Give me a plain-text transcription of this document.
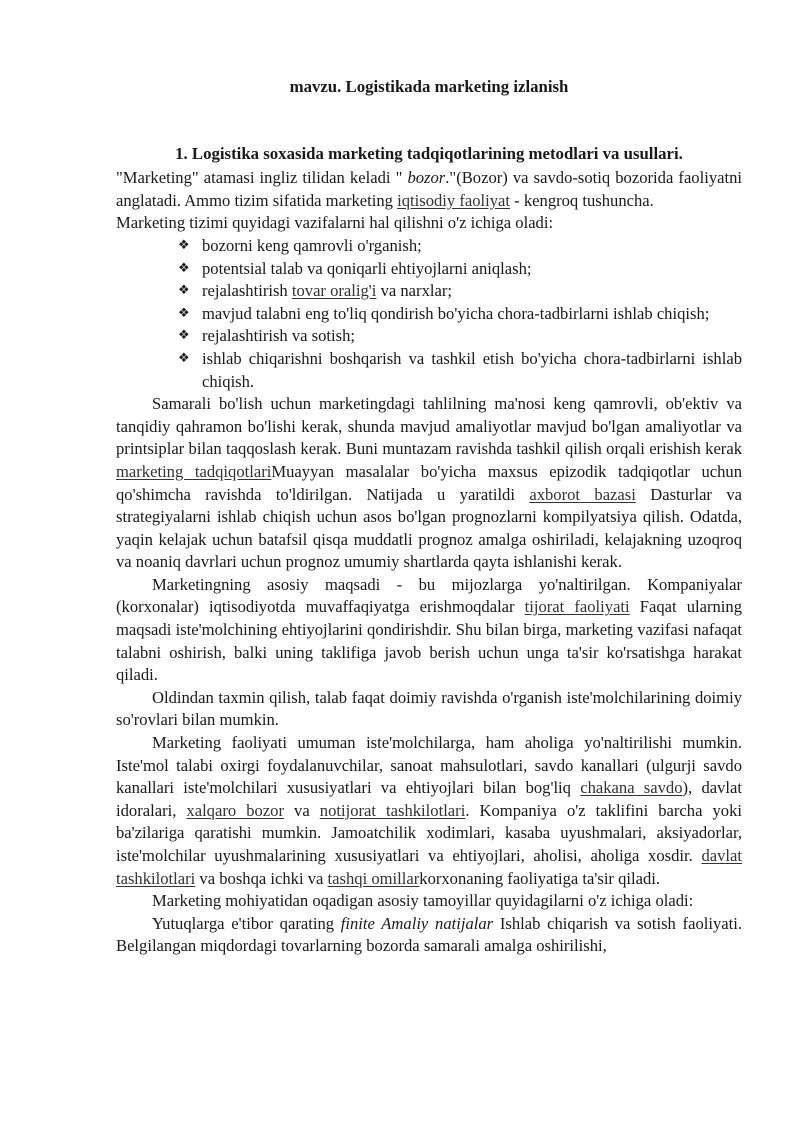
mavzu. Logistikada marketing izlanish
1. Logistika soxasida marketing tadqiqotlarining metodlari va usullari.

"Marketing" atamasi ingliz tilidan keladi " bozor."(Bozor) va savdo-sotiq bozorida faoliyatni anglatadi. Ammo tizim sifatida marketing iqtisodiy faoliyat - kengroq tushuncha.

Marketing tizimi quyidagi vazifalarni hal qilishni o'z ichiga oladi:

❖ bozorni keng qamrovli o'rganish;
❖ potentsial talab va qoniqarli ehtiyojlarni aniqlash;
❖ rejalashtirish tovar oralig'i va narxlar;
❖ mavjud talabni eng to'liq qondirish bo'yicha chora-tadbirlarni ishlab chiqish;
❖ rejalashtirish va sotish;
❖ ishlab chiqarishni boshqarish va tashkil etish bo'yicha chora-tadbirlarni ishlab chiqish.

Samarali bo'lish uchun marketingdagi tahlilning ma'nosi keng qamrovli, ob'ektiv va tanqidiy qahramon bo'lishi kerak, shunda mavjud amaliyotlar mavjud bo'lgan amaliyotlar va printsiplar bilan taqqoslash kerak. Buni muntazam ravishda tashkil qilish orqali erishish kerak marketing tadqiqotlariMuayyan masalalar bo'yicha maxsus epizodik tadqiqotlar uchun qo'shimcha ravishda to'ldirilgan. Natijada u yaratildi axborot bazasi Dasturlar va strategiyalarni ishlab chiqish uchun asos bo'lgan prognozlarni kompilyatsiya qilish. Odatda, yaqin kelajak uchun batafsil qisqa muddatli prognoz amalga oshiriladi, kelajakning uzoqroq va noaniq davrlari uchun prognoz umumiy shartlarda qayta ishlanishi kerak.

Marketingning asosiy maqsadi - bu mijozlarga yo'naltirilgan. Kompaniyalar (korxonalar) iqtisodiyotda muvaffaqiyatga erishmoqdalar tijorat faoliyati Faqat ularning maqsadi iste'molchining ehtiyojlarini qondirishdir. Shu bilan birga, marketing vazifasi nafaqat talabni oshirish, balki uning taklifiga javob berish uchun unga ta'sir ko'rsatishga harakat qiladi.

Oldindan taxmin qilish, talab faqat doimiy ravishda o'rganish iste'molchilarining doimiy so'rovlari bilan mumkin.

Marketing faoliyati umuman iste'molchilarga, ham aholiga yo'naltirilishi mumkin. Iste'mol talabi oxirgi foydalanuvchilar, sanoat mahsulotlari, savdo kanallari (ulgurji savdo kanallari iste'molchilari xususiyatlari va ehtiyojlari bilan bog'liq chakana savdo), davlat idoralari, xalqaro bozor va notijorat tashkilotlari. Kompaniya o'z taklifini barcha yoki ba'zilariga qaratishi mumkin. Jamoatchilik xodimlari, kasaba uyushmalari, aksiyadorlar, iste'molchilar uyushmalarining xususiyatlari va ehtiyojlari, aholisi, aholiga xosdir. davlat tashkilotlari va boshqa ichki va tashqi omillarkorxonaning faoliyatiga ta'sir qiladi.

Marketing mohiyatidan oqadigan asosiy tamoyillar quyidagilarni o'z ichiga oladi:

Yutuqlarga e'tibor qarating finite Amaliy natijalar Ishlab chiqarish va sotish faoliyati. Belgilangan miqdordagi tovarlarning bozorda samarali amalga oshirilishi,
